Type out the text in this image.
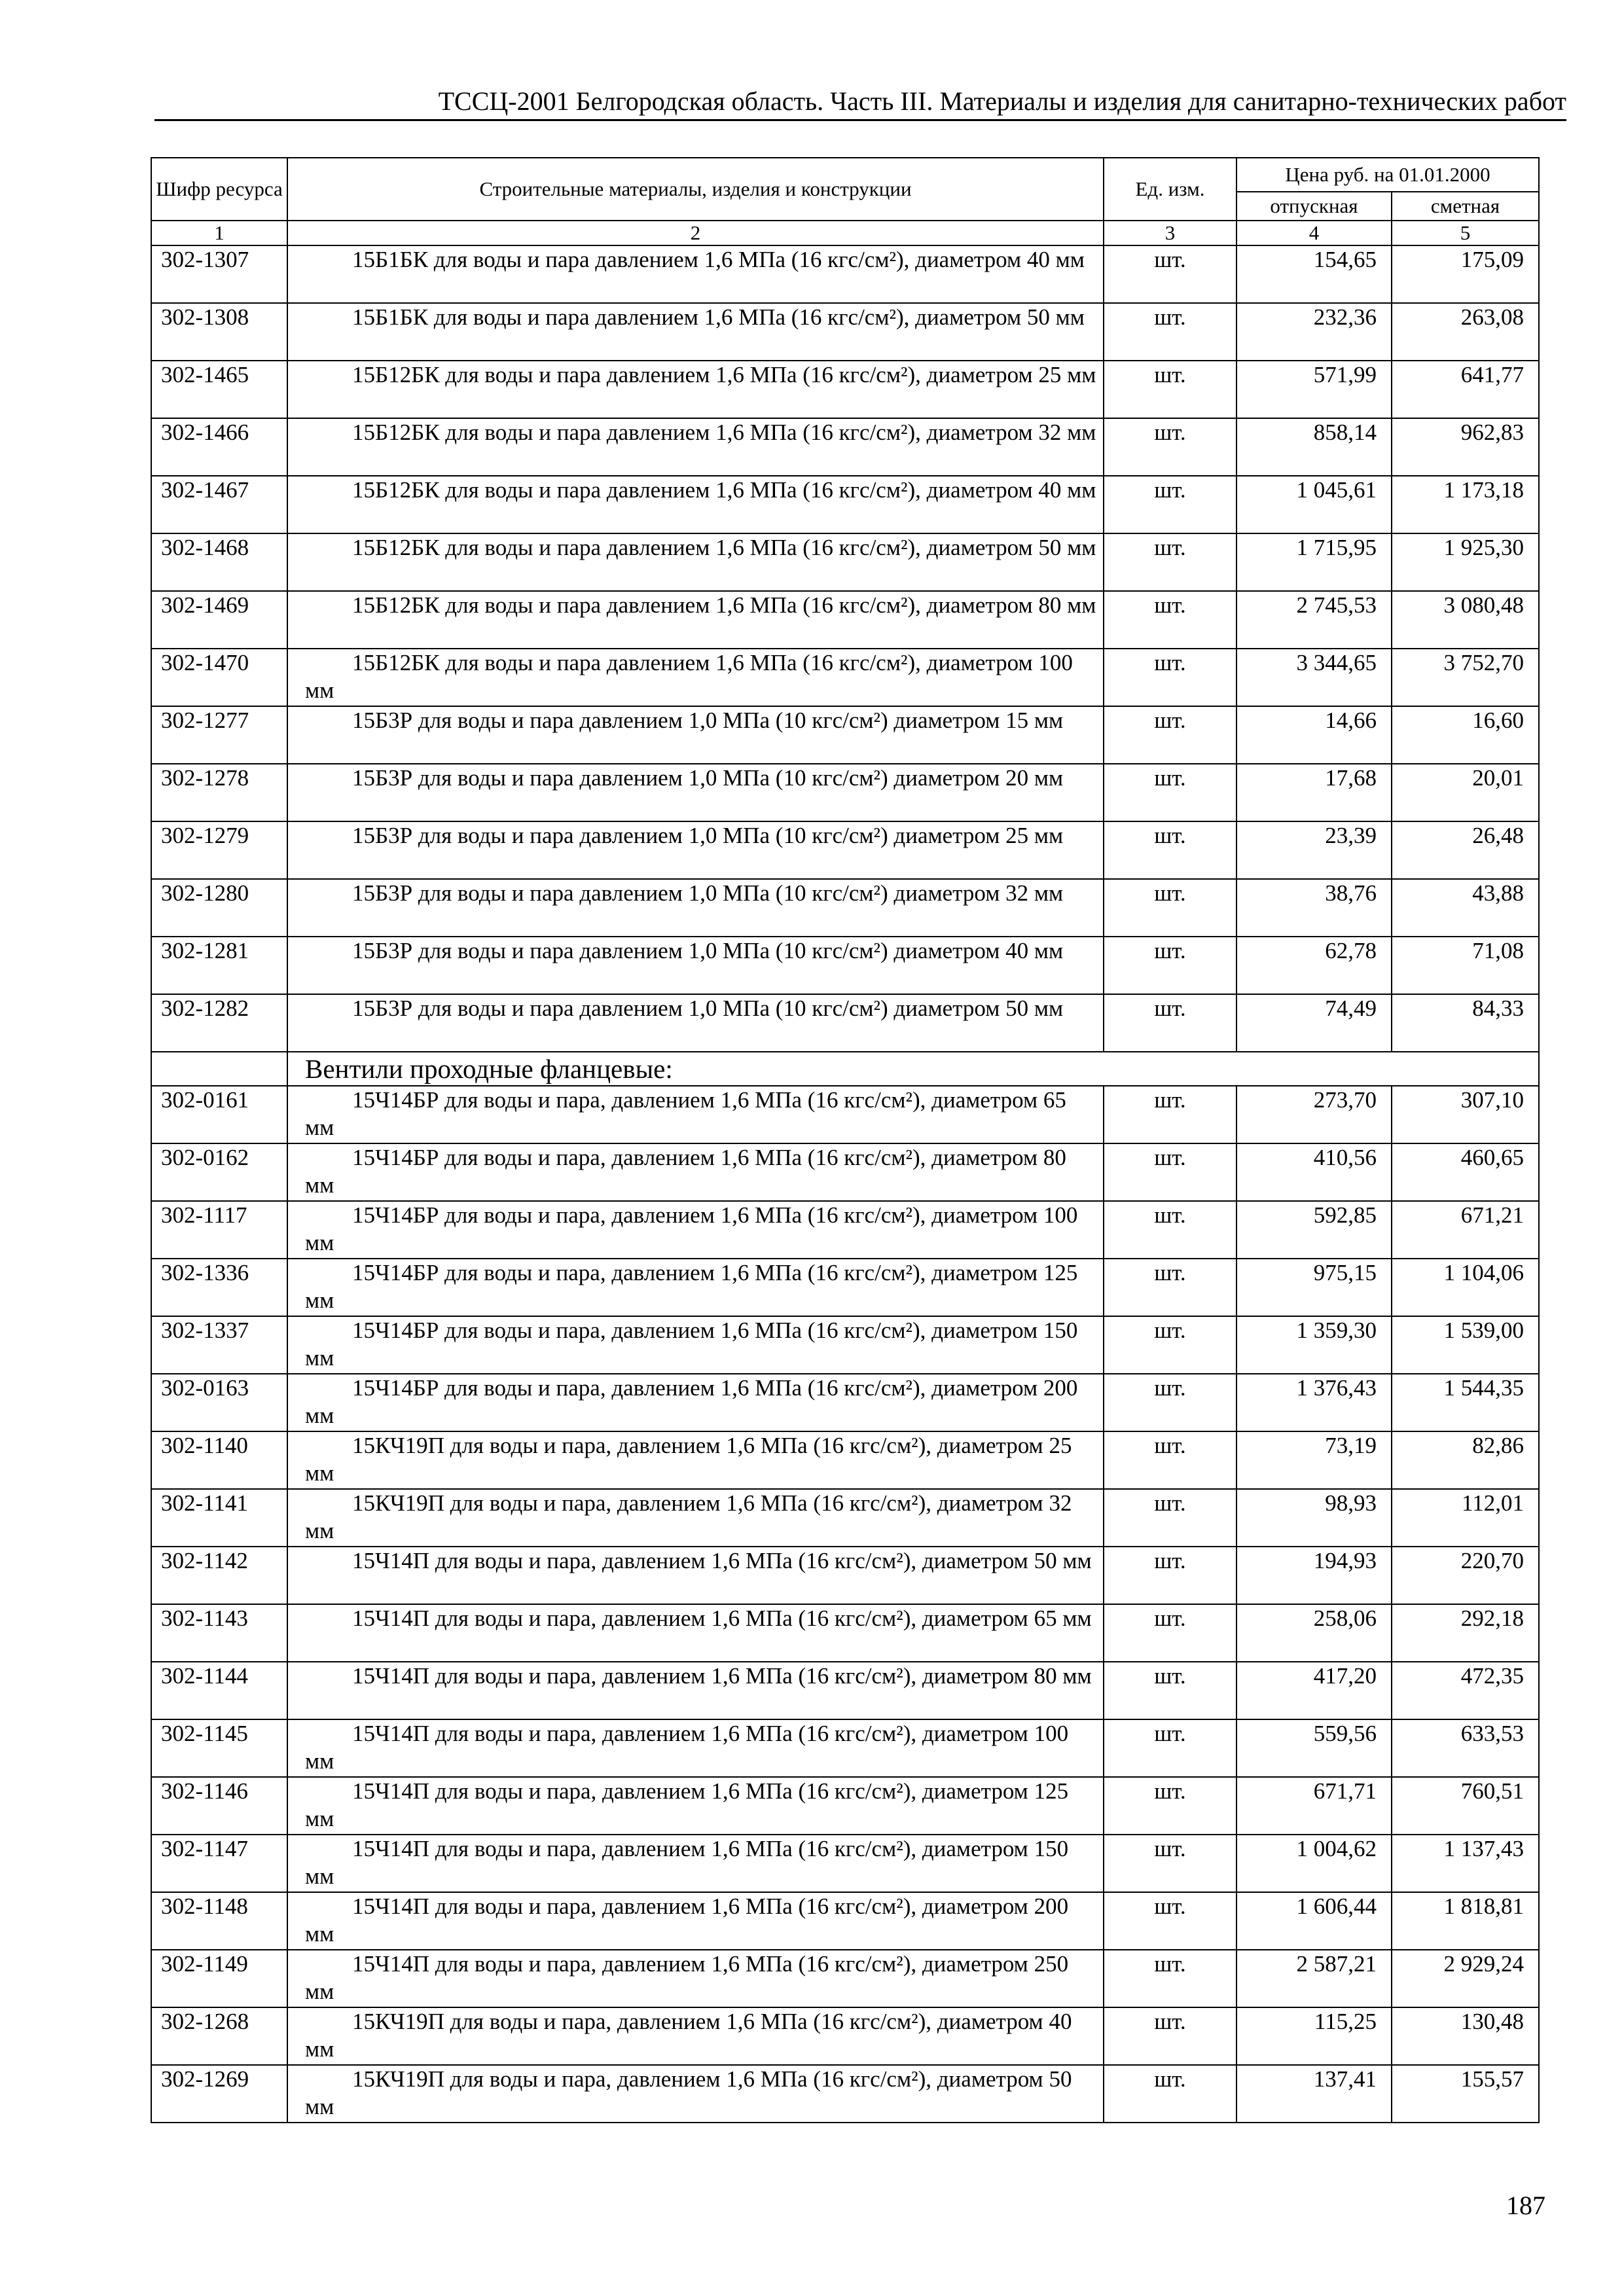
ТССЦ-2001 Белгородская область. Часть III. Материалы и изделия для санитарно-технических работ
Шифр ресурса	Строительные материалы, изделия и конструкции	Ед. изм.	Цена руб. на 01.01.2000	
			отпускная	сметная
1	2	3	4	5
302-1307	15Б1БК для воды и пара давлением 1,6 МПа (16 кгс/см²), диаметром 40 мм	шт.	154,65	175,09
302-1308	15Б1БК для воды и пара давлением 1,6 МПа (16 кгс/см²), диаметром 50 мм	шт.	232,36	263,08
302-1465	15Б12БК для воды и пара давлением 1,6 МПа (16 кгс/см²), диаметром 25 мм	шт.	571,99	641,77
302-1466	15Б12БК для воды и пара давлением 1,6 МПа (16 кгс/см²), диаметром 32 мм	шт.	858,14	962,83
302-1467	15Б12БК для воды и пара давлением 1,6 МПа (16 кгс/см²), диаметром 40 мм	шт.	1 045,61	1 173,18
302-1468	15Б12БК для воды и пара давлением 1,6 МПа (16 кгс/см²), диаметром 50 мм	шт.	1 715,95	1 925,30
302-1469	15Б12БК для воды и пара давлением 1,6 МПа (16 кгс/см²), диаметром 80 мм	шт.	2 745,53	3 080,48
302-1470	15Б12БК для воды и пара давлением 1,6 МПа (16 кгс/см²), диаметром 100 мм	шт.	3 344,65	3 752,70
302-1277	15Б3Р для воды и пара давлением 1,0 МПа (10 кгс/см²) диаметром 15 мм	шт.	14,66	16,60
302-1278	15Б3Р для воды и пара давлением 1,0 МПа (10 кгс/см²) диаметром 20 мм	шт.	17,68	20,01
302-1279	15Б3Р для воды и пара давлением 1,0 МПа (10 кгс/см²) диаметром 25 мм	шт.	23,39	26,48
302-1280	15Б3Р для воды и пара давлением 1,0 МПа (10 кгс/см²) диаметром 32 мм	шт.	38,76	43,88
302-1281	15Б3Р для воды и пара давлением 1,0 МПа (10 кгс/см²) диаметром 40 мм	шт.	62,78	71,08
302-1282	15Б3Р для воды и пара давлением 1,0 МПа (10 кгс/см²) диаметром 50 мм	шт.	74,49	84,33
	Вентили проходные фланцевые:			
302-0161	15Ч14БР для воды и пара, давлением 1,6 МПа (16 кгс/см²), диаметром 65 мм	шт.	273,70	307,10
302-0162	15Ч14БР для воды и пара, давлением 1,6 МПа (16 кгс/см²), диаметром 80 мм	шт.	410,56	460,65
302-1117	15Ч14БР для воды и пара, давлением 1,6 МПа (16 кгс/см²), диаметром 100 мм	шт.	592,85	671,21
302-1336	15Ч14БР для воды и пара, давлением 1,6 МПа (16 кгс/см²), диаметром 125 мм	шт.	975,15	1 104,06
302-1337	15Ч14БР для воды и пара, давлением 1,6 МПа (16 кгс/см²), диаметром 150 мм	шт.	1 359,30	1 539,00
302-0163	15Ч14БР для воды и пара, давлением 1,6 МПа (16 кгс/см²), диаметром 200 мм	шт.	1 376,43	1 544,35
302-1140	15КЧ19П для воды и пара, давлением 1,6 МПа (16 кгс/см²), диаметром 25 мм	шт.	73,19	82,86
302-1141	15КЧ19П для воды и пара, давлением 1,6 МПа (16 кгс/см²), диаметром 32 мм	шт.	98,93	112,01
302-1142	15Ч14П для воды и пара, давлением 1,6 МПа (16 кгс/см²), диаметром 50 мм	шт.	194,93	220,70
302-1143	15Ч14П для воды и пара, давлением 1,6 МПа (16 кгс/см²), диаметром 65 мм	шт.	258,06	292,18
302-1144	15Ч14П для воды и пара, давлением 1,6 МПа (16 кгс/см²), диаметром 80 мм	шт.	417,20	472,35
302-1145	15Ч14П для воды и пара, давлением 1,6 МПа (16 кгс/см²), диаметром 100 мм	шт.	559,56	633,53
302-1146	15Ч14П для воды и пара, давлением 1,6 МПа (16 кгс/см²), диаметром 125 мм	шт.	671,71	760,51
302-1147	15Ч14П для воды и пара, давлением 1,6 МПа (16 кгс/см²), диаметром 150 мм	шт.	1 004,62	1 137,43
302-1148	15Ч14П для воды и пара, давлением 1,6 МПа (16 кгс/см²), диаметром 200 мм	шт.	1 606,44	1 818,81
302-1149	15Ч14П для воды и пара, давлением 1,6 МПа (16 кгс/см²), диаметром 250 мм	шт.	2 587,21	2 929,24
302-1268	15КЧ19П для воды и пара, давлением 1,6 МПа (16 кгс/см²), диаметром 40 мм	шт.	115,25	130,48
302-1269	15КЧ19П для воды и пара, давлением 1,6 МПа (16 кгс/см²), диаметром 50 мм	шт.	137,41	155,57
187
